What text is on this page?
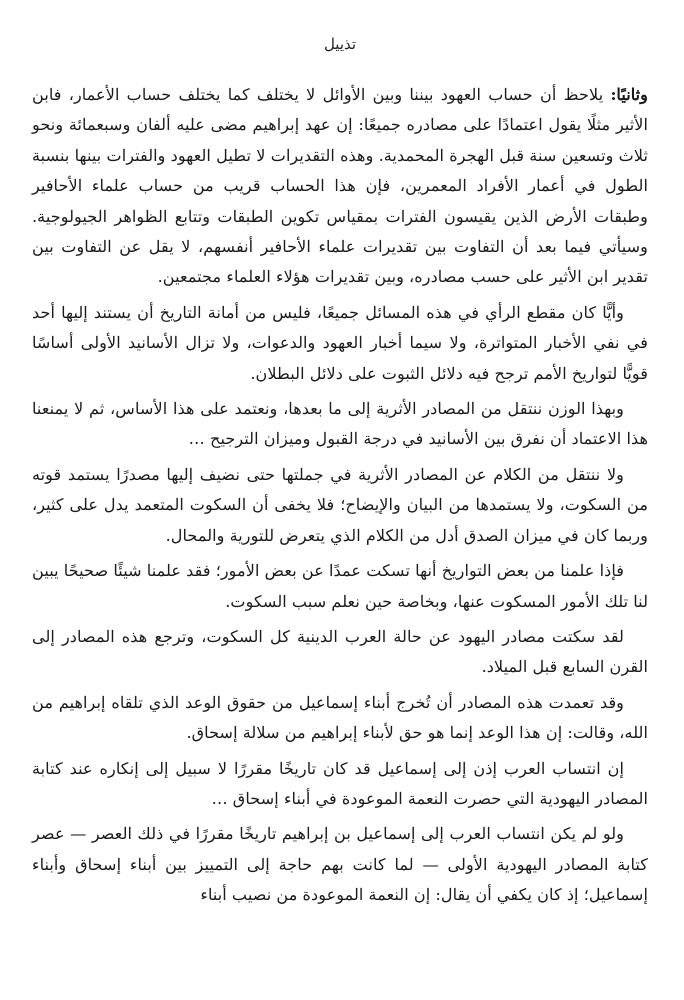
تذييل

وثانيًا: يلاحظ أن حساب العهود بيننا وبين الأوائل لا يختلف كما يختلف حساب الأعمار، فابن الأثير مثلًا يقول اعتمادًا على مصادره جميعًا: إن عهد إبراهيم مضى عليه ألفان وسبعمائة ونحو ثلاث وتسعين سنة قبل الهجرة المحمدية. وهذه التقديرات لا تطيل العهود والفترات بينها بنسبة الطول في أعمار الأفراد المعمرين، فإن هذا الحساب قريب من حساب علماء الأحافير وطبقات الأرض الذين يقيسون الفترات بمقياس تكوين الطبقات وتتابع الظواهر الجيولوجية. وسيأتي فيما بعد أن التفاوت بين تقديرات علماء الأحافير أنفسهم، لا يقل عن التفاوت بين تقدير ابن الأثير على حسب مصادره، وبين تقديرات هؤلاء العلماء مجتمعين.

وأيًّا كان مقطع الرأي في هذه المسائل جميعًا، فليس من أمانة التاريخ أن يستند إليها أحد في نفي الأخبار المتواترة، ولا سيما أخبار العهود والدعوات، ولا تزال الأسانيد الأولى أساسًا قويًّا لتواريخ الأمم ترجح فيه دلائل الثبوت على دلائل البطلان.

وبهذا الوزن ننتقل من المصادر الأثرية إلى ما بعدها، ونعتمد على هذا الأساس، ثم لا يمنعنا هذا الاعتماد أن نفرق بين الأسانيد في درجة القبول وميزان الترجيح …

ولا ننتقل من الكلام عن المصادر الأثرية في جملتها حتى نضيف إليها مصدرًا يستمد قوته من السكوت، ولا يستمدها من البيان والإيضاح؛ فلا يخفى أن السكوت المتعمد يدل على كثير، وربما كان في ميزان الصدق أدل من الكلام الذي يتعرض للتورية والمحال.

فإذا علمنا من بعض التواريخ أنها تسكت عمدًا عن بعض الأمور؛ فقد علمنا شيئًا صحيحًا يبين لنا تلك الأمور المسكوت عنها، وبخاصة حين نعلم سبب السكوت.

لقد سكتت مصادر اليهود عن حالة العرب الدينية كل السكوت، وترجع هذه المصادر إلى القرن السابع قبل الميلاد.

وقد تعمدت هذه المصادر أن تُخرج أبناء إسماعيل من حقوق الوعد الذي تلقاه إبراهيم من الله، وقالت: إن هذا الوعد إنما هو حق لأبناء إبراهيم من سلالة إسحاق.

إن انتساب العرب إذن إلى إسماعيل قد كان تاريخًا مقررًا لا سبيل إلى إنكاره عند كتابة المصادر اليهودية التي حصرت النعمة الموعودة في أبناء إسحاق …

ولو لم يكن انتساب العرب إلى إسماعيل بن إبراهيم تاريخًا مقررًا في ذلك العصر — عصر كتابة المصادر اليهودية الأولى — لما كانت بهم حاجة إلى التمييز بين أبناء إسحاق وأبناء إسماعيل؛ إذ كان يكفي أن يقال: إن النعمة الموعودة من نصيب أبناء
